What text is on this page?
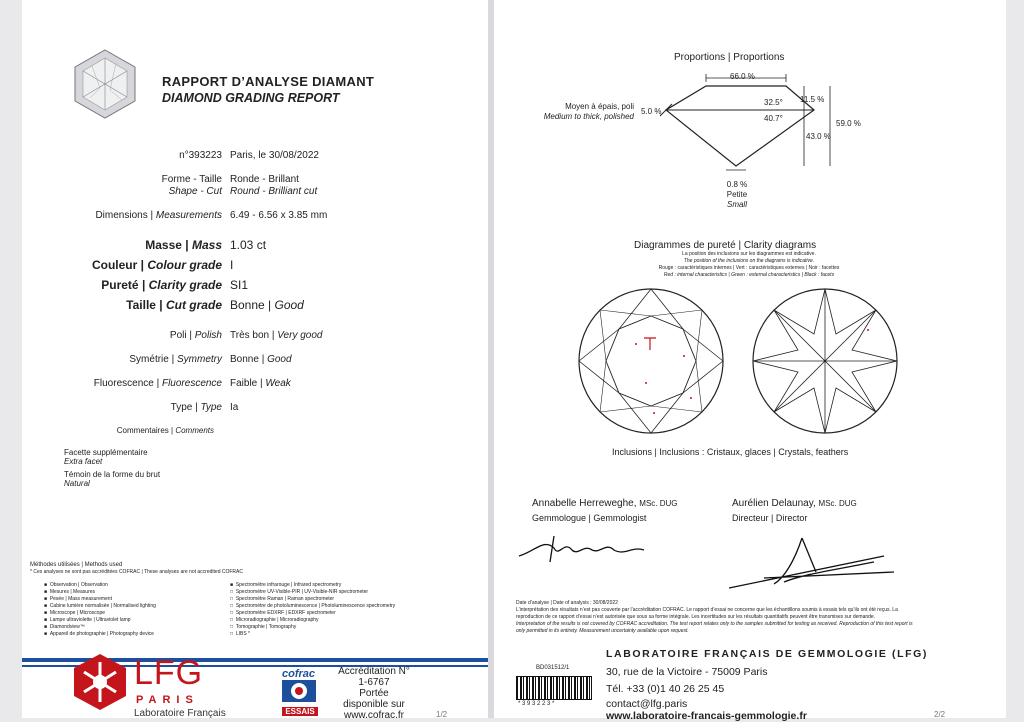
RAPPORT D’ANALYSE DIAMANT
DIAMOND GRADING REPORT
n°393223 Paris, le 30/08/2022
Forme - Taille
Shape - Cut
Ronde - Brillant
Round - Brilliant cut
Dimensions | Measurements 6.49 - 6.56 x 3.85 mm
Masse | Mass 1.03 ct
Couleur | Colour grade I
Pureté | Clarity grade SI1
Taille | Cut grade Bonne | Good
Poli | Polish Très bon | Very good
Symétrie | Symmetry Bonne | Good
Fluorescence | Fluorescence Faible | Weak
Type | Type Ia
Commentaires | Comments
Facette supplémentaire
Extra facet
Témoin de la forme du brut
Natural
Méthodes utilisées | Methods used
* Ces analyses ne sont pas accréditées COFRAC | These analyses are not accredited COFRAC
■  Observation | Observation
■  Mesures | Measures
■  Pesée | Mass measurement
■  Cabine lumière normalisée | Normalised lighting
■  Microscope | Microscope
■  Lampe ultraviolette | Ultraviolet lamp
■  Diamondview™
■  Appareil de photographie | Photography device
■  Spectromètre infrarouge | Infrared spectrometry
□  Spectromètre UV-Visible-PIR | UV-Visible-NIR spectrometer
□  Spectromètre Raman | Raman spectrometer
□  Spectromètre de photoluminescence | Photoluminescence spectrometry
□  Spectromètre EDXRF | EDXRF spectrometer
□  Microradiographie | Microradiography
□  Tomographie | Tomography
□  LIBS *
LFG
PARIS
Laboratoire Français
cofrac
ESSAIS
Accréditation N°
1-6767
Portée
disponible sur
www.cofrac.fr	1/2
Proportions | Proportions
66.0 %
32.5°
40.7°
11.5 %
43.0 %
59.0 %
5.0 %
Moyen à épais, poli
Medium to thick, polished
0.8 %
Petite
Small
Diagrammes de pureté | Clarity diagrams
La position des inclusions sur les diagrammes est indicative.
The position of the inclusions on the diagrams is indicative.
Rouge : caractéristiques internes | Vert : caractéristiques externes | Noir : facettes
Red : internal characteristics | Green : external characteristics | Black : facets
Inclusions | Inclusions : Cristaux, glaces | Crystals, feathers
Annabelle Herreweghe, MSc. DUG
Gemmologue | Gemmologist
Aurélien Delaunay, MSc. DUG
Directeur | Director
Date d’analyse | Date of analysis : 30/08/2022
L’interprétation des résultats n’est pas couverte par l’accréditation COFRAC. Le rapport d’essai ne concerne que les échantillons soumis à essais tels qu’ils ont été reçus. La
reproduction de ce rapport d’essai n’est autorisée que sous sa forme intégrale. Les incertitudes sur les résultats quantitatifs peuvent être transmises sur demande.
Interpretation of the results is not covered by COFRAC accreditation. The test report relates only to the samples submitted for testing as received. Reproduction of this test report is
only permitted in its entirety. Measurement uncertainty available upon request.
BD031512/1
* 3 9 3 2 2 3 *
LABORATOIRE FRANÇAIS DE GEMMOLOGIE (LFG)
30, rue de la Victoire - 75009 Paris
Tél. +33 (0)1 40 26 25 45
contact@lfg.paris
www.laboratoire-francais-gemmologie.fr	2/2
